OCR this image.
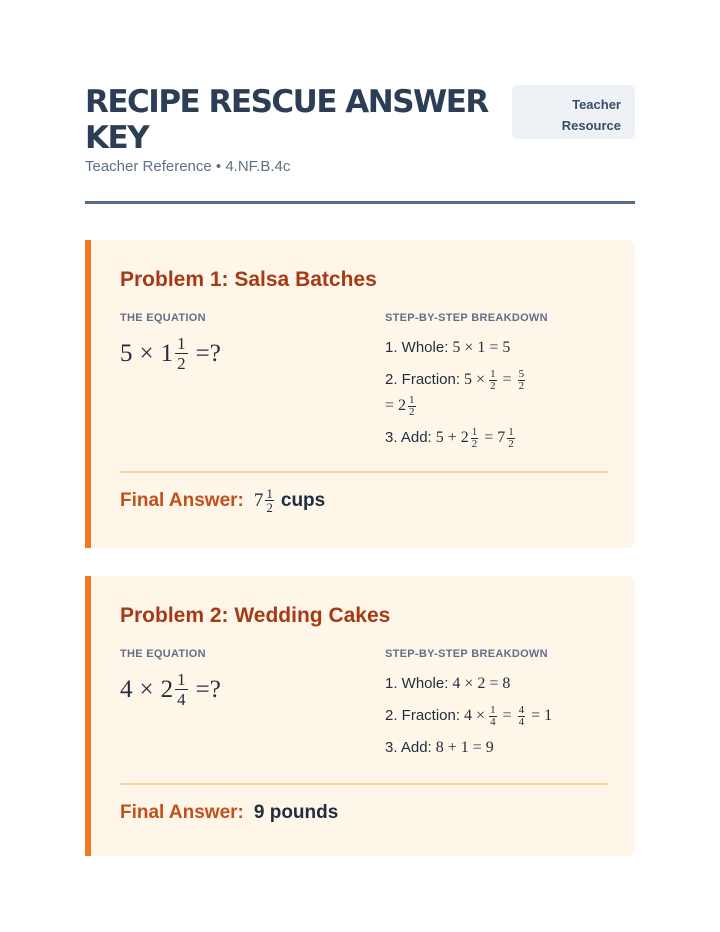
RECIPE RESCUE ANSWER KEY

Teacher Reference • 4.NF.B.4c

Teacher
Resource
Problem 1: Salsa Batches

THE EQUATION	STEP-BY-STEP BREAKDOWN

$5 \times 1 \frac{1}{2}$ =?	1. Whole: 5 × 1 = 5
2. Fraction: $5 \times \frac{1}{2} = \frac{5}{2}$
= $2 \frac{1}{2}$
3. Add: $5 + 2 \frac{1}{2} = 7 \frac{1}{2}$
Final Answer: $7 \frac{1}{2}$ cups
Problem 2: Wedding Cakes

THE EQUATION	STEP-BY-STEP BREAKDOWN

$4 \times 2 \frac{1}{4}$ =?	1. Whole: 4 × 2 = 8
2. Fraction: $4 \times \frac{1}{4} = \frac{4}{4} = 1$
3. Add: 8 + 1 = 9
Final Answer: 9 pounds
